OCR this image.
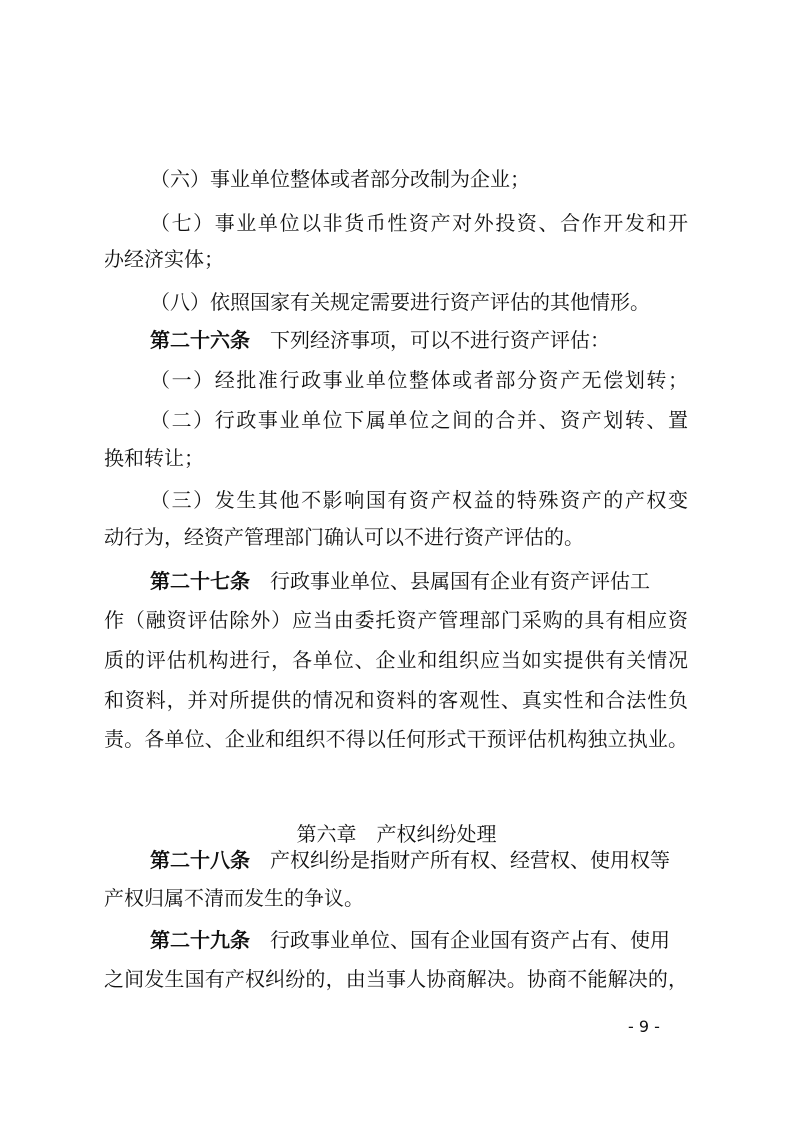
（六）事业单位整体或者部分改制为企业；
（七）事业单位以非货币性资产对外投资、合作开发和开
办经济实体；
（八）依照国家有关规定需要进行资产评估的其他情形。
第二十六条 下列经济事项，可以不进行资产评估：
（一）经批准行政事业单位整体或者部分资产无偿划转；
（二）行政事业单位下属单位之间的合并、资产划转、置
换和转让；
（三）发生其他不影响国有资产权益的特殊资产的产权变
动行为，经资产管理部门确认可以不进行资产评估的。
第二十七条 行政事业单位、县属国有企业有资产评估工
作（融资评估除外）应当由委托资产管理部门采购的具有相应资
质的评估机构进行，各单位、企业和组织应当如实提供有关情况
和资料，并对所提供的情况和资料的客观性、真实性和合法性负
责。各单位、企业和组织不得以任何形式干预评估机构独立执业。
第六章　产权纠纷处理
第二十八条 产权纠纷是指财产所有权、经营权、使用权等
产权归属不清而发生的争议。
第二十九条 行政事业单位、国有企业国有资产占有、使用
之间发生国有产权纠纷的，由当事人协商解决。协商不能解决的，
- 9 -
